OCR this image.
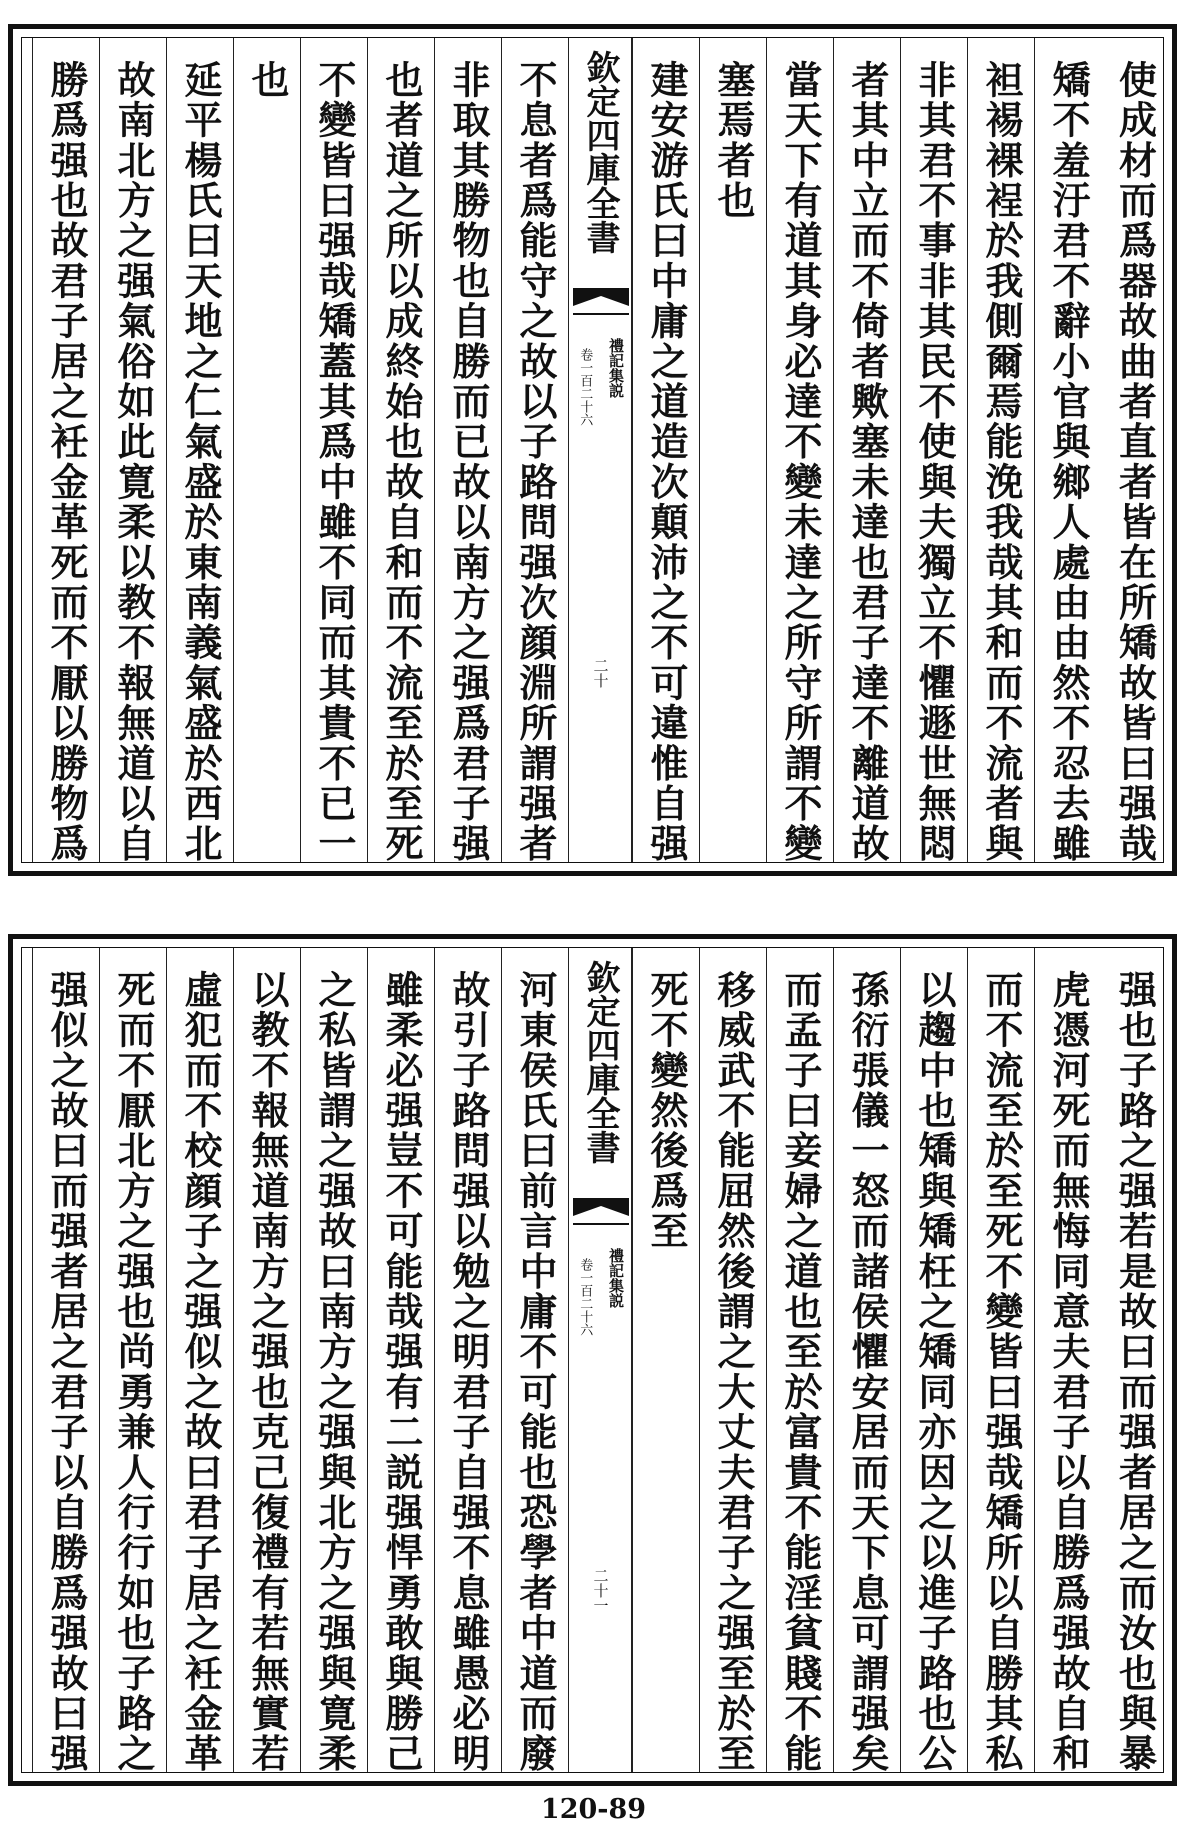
使成材而爲器故曲者直者皆在所矯故皆曰强哉
矯不羞汙君不辭小官與鄉人處由由然不忍去雖
袒裼裸裎於我側爾焉能浼我哉其和而不流者與
非其君不事非其民不使與夫獨立不懼遯世無悶
者其中立而不倚者歟塞未達也君子達不離道故
當天下有道其身必達不變未達之所守所謂不變
塞焉者也
建安游氏曰中庸之道造次顛沛之不可違惟自强
欽定四庫全書
禮記集説
卷一百二十六
二十
不息者爲能守之故以子路問强次顔淵所謂强者
非取其勝物也自勝而已故以南方之强爲君子强
也者道之所以成終始也故自和而不流至於至死
不變皆曰强哉矯蓋其爲中雖不同而其貴不已一
也
延平楊氏曰天地之仁氣盛於東南義氣盛於西北
故南北方之强氣俗如此寛柔以教不報無道以自
勝爲强也故君子居之衽金革死而不厭以勝物爲
强也子路之强若是故曰而强者居之而汝也與暴
虎憑河死而無悔同意夫君子以自勝爲强故自和
而不流至於至死不變皆曰强哉矯所以自勝其私
以趨中也矯與矯枉之矯同亦因之以進子路也公
孫衍張儀一怒而諸侯懼安居而天下息可謂强矣
而孟子曰妾婦之道也至於富貴不能淫貧賤不能
移威武不能屈然後謂之大丈夫君子之强至於至
死不變然後爲至
欽定四庫全書
禮記集説
卷一百二十六
二十一
河東侯氏曰前言中庸不可能也恐學者中道而廢
故引子路問强以勉之明君子自强不息雖愚必明
雖柔必强豈不可能哉强有二説强悍勇敢與勝己
之私皆謂之强故曰南方之强與北方之强與寛柔
以教不報無道南方之强也克己復禮有若無實若
虛犯而不校顔子之强似之故曰君子居之衽金革
死而不厭北方之强也尚勇兼人行行如也子路之
强似之故曰而强者居之君子以自勝爲强故曰强
120-89
